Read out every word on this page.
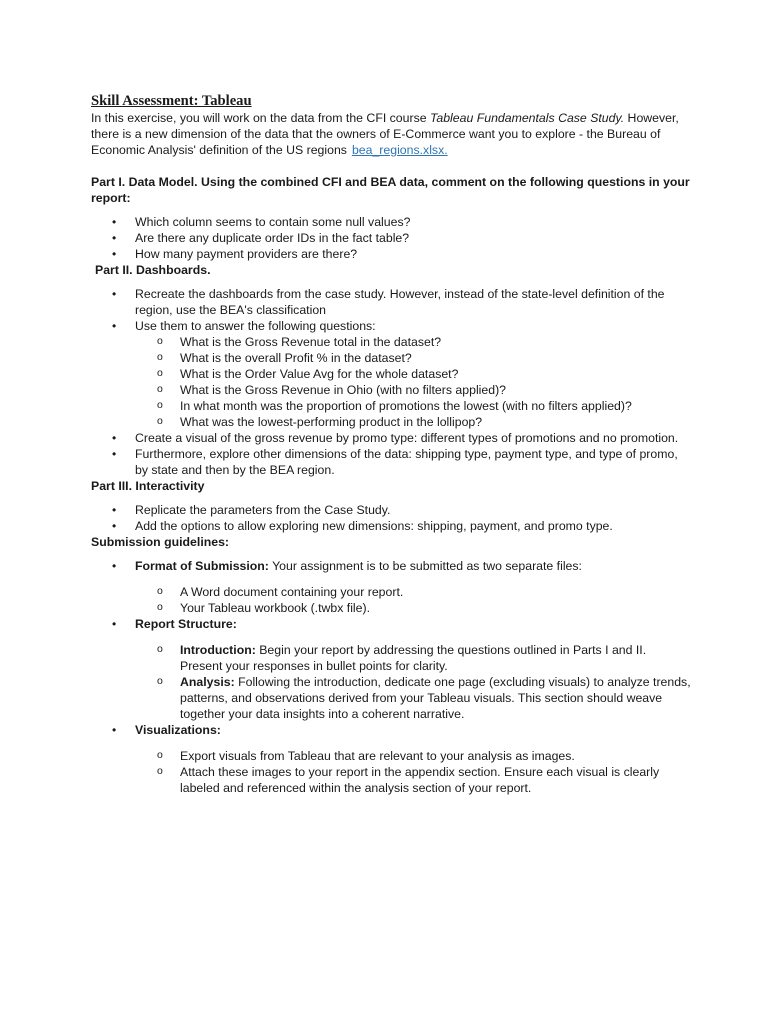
Skill Assessment: Tableau

In this exercise, you will work on the data from the CFI course Tableau Fundamentals Case Study. However, there is a new dimension of the data that the owners of E-Commerce want you to explore - the Bureau of Economic Analysis' definition of the US regions bea_regions.xlsx.

Part I. Data Model. Using the combined CFI and BEA data, comment on the following questions in your report:

• Which column seems to contain some null values?
• Are there any duplicate order IDs in the fact table?
• How many payment providers are there?

Part II. Dashboards.

• Recreate the dashboards from the case study. However, instead of the state-level definition of the region, use the BEA's classification
• Use them to answer the following questions:
o What is the Gross Revenue total in the dataset?
o What is the overall Profit % in the dataset?
o What is the Order Value Avg for the whole dataset?
o What is the Gross Revenue in Ohio (with no filters applied)?
o In what month was the proportion of promotions the lowest (with no filters applied)?
o What was the lowest-performing product in the lollipop?
• Create a visual of the gross revenue by promo type: different types of promotions and no promotion.
• Furthermore, explore other dimensions of the data: shipping type, payment type, and type of promo, by state and then by the BEA region.

Part III. Interactivity

• Replicate the parameters from the Case Study.
• Add the options to allow exploring new dimensions: shipping, payment, and promo type.

Submission guidelines:

• Format of Submission: Your assignment is to be submitted as two separate files:
o A Word document containing your report.
o Your Tableau workbook (.twbx file).
• Report Structure:
o Introduction: Begin your report by addressing the questions outlined in Parts I and II. Present your responses in bullet points for clarity.
o Analysis: Following the introduction, dedicate one page (excluding visuals) to analyze trends, patterns, and observations derived from your Tableau visuals. This section should weave together your data insights into a coherent narrative.
• Visualizations:
o Export visuals from Tableau that are relevant to your analysis as images.
o Attach these images to your report in the appendix section. Ensure each visual is clearly labeled and referenced within the analysis section of your report.
